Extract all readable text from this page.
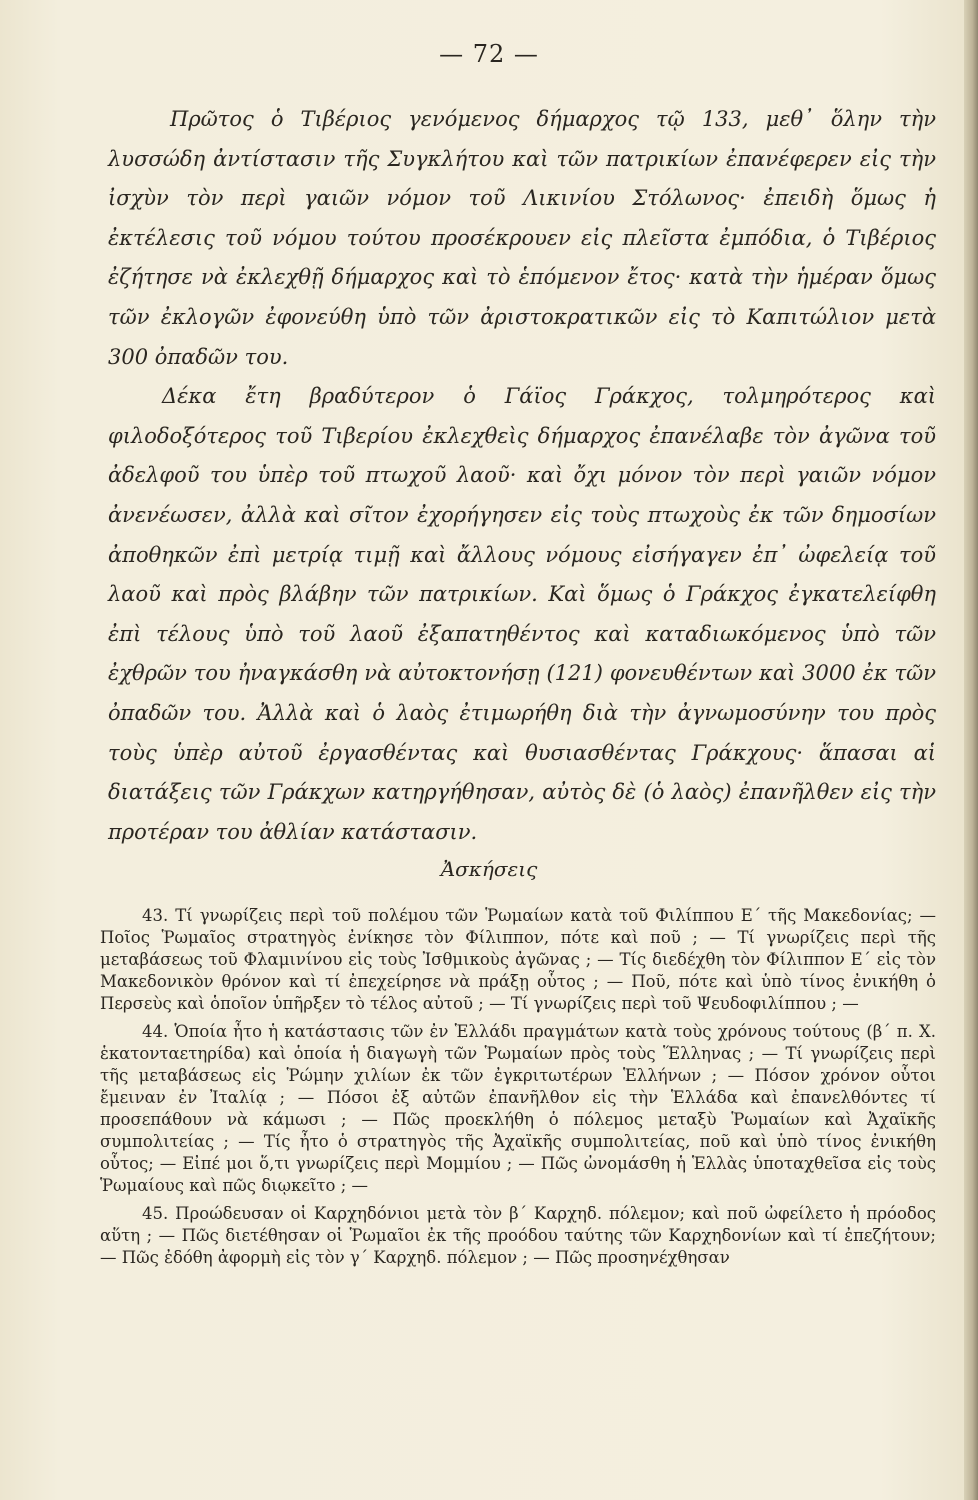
— 72 —

Πρῶτος ὁ Τιβέριος γενόμενος δήμαρχος τῷ 133, μεθ᾽ ὅλην τὴν λυσσώδη ἀντίστασιν τῆς Συγκλήτου καὶ τῶν πατρικίων ἐπανέφερεν εἰς τὴν ἰσχὺν τὸν περὶ γαιῶν νόμον τοῦ Λικινίου Στόλωνος· ἐπειδὴ ὅμως ἡ ἐκτέλεσις τοῦ νόμου τούτου προσέκρουεν εἰς πλεῖστα ἐμπόδια, ὁ Τιβέριος ἐζήτησε νὰ ἐκλεχθῇ δήμαρχος καὶ τὸ ἑπόμενον ἔτος· κατὰ τὴν ἡμέραν ὅμως τῶν ἐκλογῶν ἐφονεύθη ὑπὸ τῶν ἀριστοκρατικῶν εἰς τὸ Καπιτώλιον μετὰ 300 ὀπαδῶν του.

Δέκα ἔτη βραδύτερον ὁ Γάϊος Γράκχος, τολμηρότερος καὶ φιλοδοξότερος τοῦ Τιβερίου ἐκλεχθεὶς δήμαρχος ἐπανέλαβε τὸν ἀγῶνα τοῦ ἀδελφοῦ του ὑπὲρ τοῦ πτωχοῦ λαοῦ· καὶ ὄχι μόνον τὸν περὶ γαιῶν νόμον ἀνενέωσεν, ἀλλὰ καὶ σῖτον ἐχορήγησεν εἰς τοὺς πτωχοὺς ἐκ τῶν δημοσίων ἀποθηκῶν ἐπὶ μετρίᾳ τιμῇ καὶ ἄλλους νόμους εἰσήγαγεν ἐπ᾽ ὠφελείᾳ τοῦ λαοῦ καὶ πρὸς βλάβην τῶν πατρικίων. Καὶ ὅμως ὁ Γράκχος ἐγκατελείφθη ἐπὶ τέλους ὑπὸ τοῦ λαοῦ ἐξαπατηθέντος καὶ καταδιωκόμενος ὑπὸ τῶν ἐχθρῶν του ἠναγκάσθη νὰ αὐτοκτονήσῃ (121) φονευθέντων καὶ 3000 ἐκ τῶν ὀπαδῶν του. Ἀλλὰ καὶ ὁ λαὸς ἐτιμωρήθη διὰ τὴν ἀγνωμοσύνην του πρὸς τοὺς ὑπὲρ αὐτοῦ ἐργασθέντας καὶ θυσιασθέντας Γράκχους· ἅπασαι αἱ διατάξεις τῶν Γράκχων κατηργήθησαν, αὐτὸς δὲ (ὁ λαὸς) ἐπανῆλθεν εἰς τὴν προτέραν του ἀθλίαν κατάστασιν.

Ἀσκήσεις

43. Τί γνωρίζεις περὶ τοῦ πολέμου τῶν Ῥωμαίων κατὰ τοῦ Φιλίππου Ε´ τῆς Μακεδονίας; — Ποῖος Ῥωμαῖος στρατηγὸς ἐνίκησε τὸν Φίλιππον, πότε καὶ ποῦ ; — Τί γνωρίζεις περὶ τῆς μεταβάσεως τοῦ Φλαμινίνου εἰς τοὺς Ἰσθμικοὺς ἀγῶνας ; — Τίς διεδέχθη τὸν Φίλιππον Ε´ εἰς τὸν Μακεδονικὸν θρόνον καὶ τί ἐπεχείρησε νὰ πράξῃ οὗτος ; — Ποῦ, πότε καὶ ὑπὸ τίνος ἐνικήθη ὁ Περσεὺς καὶ ὁποῖον ὑπῆρξεν τὸ τέλος αὐτοῦ ; — Τί γνωρίζεις περὶ τοῦ Ψευδοφιλίππου ; —

44. Ὁποία ἦτο ἡ κατάστασις τῶν ἐν Ἑλλάδι πραγμάτων κατὰ τοὺς χρόνους τούτους (β´ π. Χ. ἑκατονταετηρίδα) καὶ ὁποία ἡ διαγωγὴ τῶν Ῥωμαίων πρὸς τοὺς Ἕλληνας ; — Τί γνωρίζεις περὶ τῆς μεταβάσεως εἰς Ῥώμην χιλίων ἐκ τῶν ἐγκριτωτέρων Ἑλλήνων ; — Πόσον χρόνον οὗτοι ἔμειναν ἐν Ἰταλίᾳ ; — Πόσοι ἐξ αὐτῶν ἐπανῆλθον εἰς τὴν Ἑλλάδα καὶ ἐπανελθόντες τί προσεπάθουν νὰ κάμωσι ; — Πῶς προεκλήθη ὁ πόλεμος μεταξὺ Ῥωμαίων καὶ Ἀχαϊκῆς συμπολιτείας ; — Τίς ἦτο ὁ στρατηγὸς τῆς Ἀχαϊκῆς συμπολιτείας, ποῦ καὶ ὑπὸ τίνος ἐνικήθη οὗτος; — Εἰπέ μοι ὅ,τι γνωρίζεις περὶ Μομμίου ; — Πῶς ὠνομάσθη ἡ Ἑλλὰς ὑποταχθεῖσα εἰς τοὺς Ῥωμαίους καὶ πῶς διῳκεῖτο ; —

45. Προώδευσαν οἱ Καρχηδόνιοι μετὰ τὸν β´ Καρχηδ. πόλεμον; καὶ ποῦ ὠφείλετο ἡ πρόοδος αὕτη ; — Πῶς διετέθησαν οἱ Ῥωμαῖοι ἐκ τῆς προόδου ταύτης τῶν Καρχηδονίων καὶ τί ἐπεζήτουν; — Πῶς ἐδόθη ἀφορμὴ εἰς τὸν γ´ Καρχηδ. πόλεμον ; — Πῶς προσηνέχθησαν
